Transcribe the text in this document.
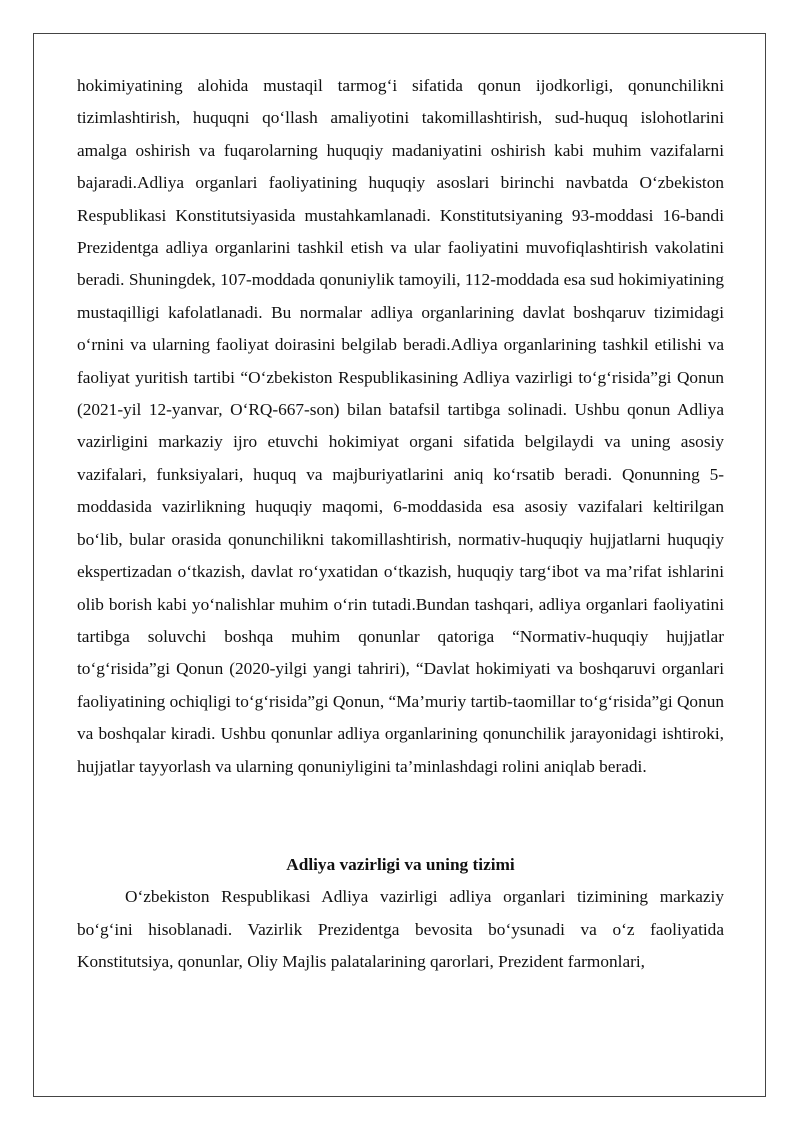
hokimiyatining alohida mustaqil tarmog‘i sifatida qonun ijodkorligi, qonunchilikni tizimlashtirish, huquqni qo‘llash amaliyotini takomillashtirish, sud-huquq islohotlarini amalga oshirish va fuqarolarning huquqiy madaniyatini oshirish kabi muhim vazifalarni bajaradi.Adliya organlari faoliyatining huquqiy asoslari birinchi navbatda O‘zbekiston Respublikasi Konstitutsiyasida mustahkamlanadi. Konstitutsiyaning 93-moddasi 16-bandi Prezidentga adliya organlarini tashkil etish va ular faoliyatini muvofiqlashtirish vakolatini beradi. Shuningdek, 107-moddada qonuniylik tamoyili, 112-moddada esa sud hokimiyatining mustaqilligi kafolatlanadi. Bu normalar adliya organlarining davlat boshqaruv tizimidagi o‘rnini va ularning faoliyat doirasini belgilab beradi.Adliya organlarining tashkil etilishi va faoliyat yuritish tartibi “O‘zbekiston Respublikasining Adliya vazirligi to‘g‘risida”gi Qonun (2021-yil 12-yanvar, O‘RQ-667-son) bilan batafsil tartibga solinadi. Ushbu qonun Adliya vazirligini markaziy ijro etuvchi hokimiyat organi sifatida belgilaydi va uning asosiy vazifalari, funksiyalari, huquq va majburiyatlarini aniq ko‘rsatib beradi. Qonunning 5-moddasida vazirlikning huquqiy maqomi, 6-moddasida esa asosiy vazifalari keltirilgan bo‘lib, bular orasida qonunchilikni takomillashtirish, normativ-huquqiy hujjatlarni huquqiy ekspertizadan o‘tkazish, davlat ro‘yxatidan o‘tkazish, huquqiy targ‘ibot va ma’rifat ishlarini olib borish kabi yo‘nalishlar muhim o‘rin tutadi.Bundan tashqari, adliya organlari faoliyatini tartibga soluvchi boshqa muhim qonunlar qatoriga “Normativ-huquqiy hujjatlar to‘g‘risida”gi Qonun (2020-yilgi yangi tahriri), “Davlat hokimiyati va boshqaruvi organlari faoliyatining ochiqligi to‘g‘risida”gi Qonun, “Ma’muriy tartib-taomillar to‘g‘risida”gi Qonun va boshqalar kiradi. Ushbu qonunlar adliya organlarining qonunchilik jarayonidagi ishtiroki, hujjatlar tayyorlash va ularning qonuniyligini ta’minlashdagi rolini aniqlab beradi.

Adliya vazirligi va uning tizimi

O‘zbekiston Respublikasi Adliya vazirligi adliya organlari tizimining markaziy bo‘g‘ini hisoblanadi. Vazirlik Prezidentga bevosita bo‘ysunadi va o‘z faoliyatida Konstitutsiya, qonunlar, Oliy Majlis palatalarining qarorlari, Prezident farmonlari,
